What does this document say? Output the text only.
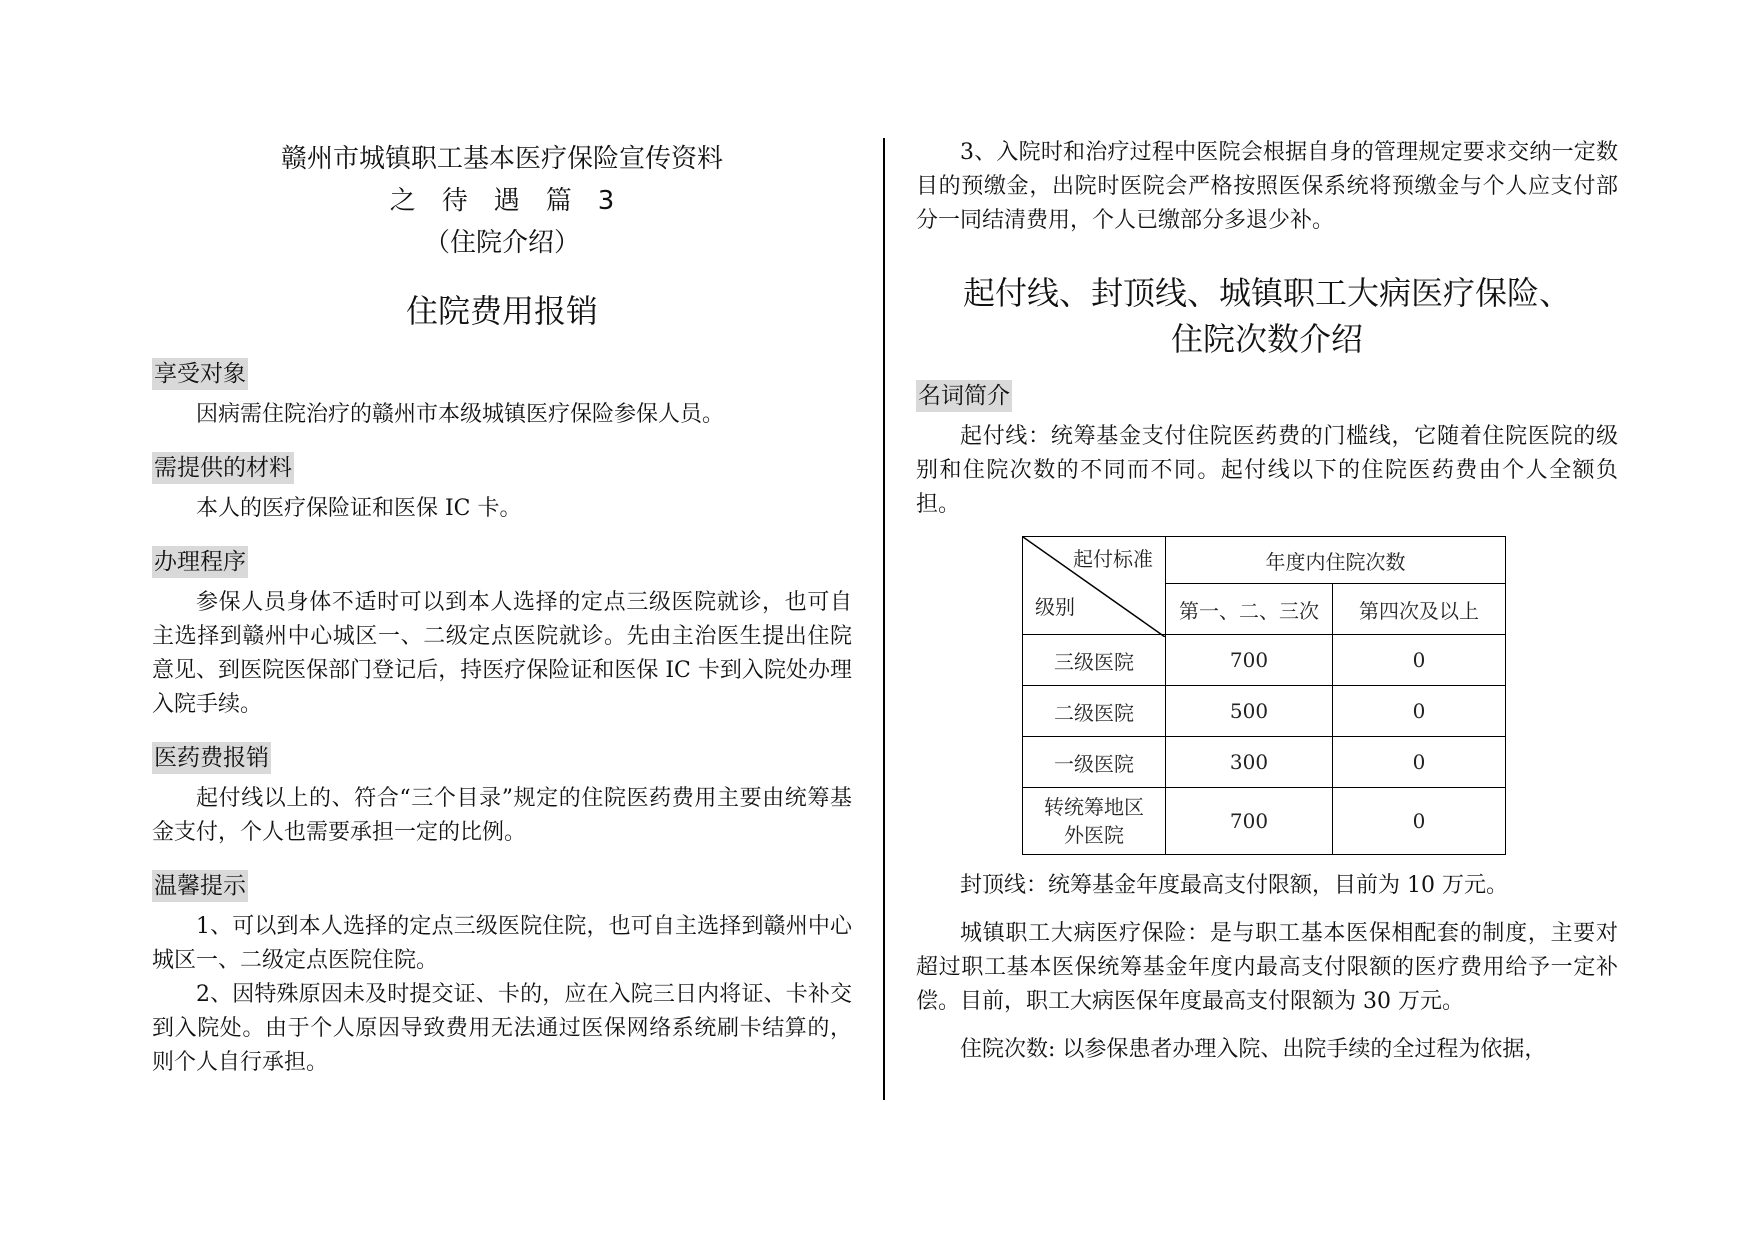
赣州市城镇职工基本医疗保险宣传资料
之待遇篇3
（住院介绍）
住院费用报销
享受对象

因病需住院治疗的赣州市本级城镇医疗保险参保人员。

需提供的材料

本人的医疗保险证和医保 IC 卡。

办理程序

参保人员身体不适时可以到本人选择的定点三级医院就诊，也可自主选择到赣州中心城区一、二级定点医院就诊。先由主治医生提出住院意见、到医院医保部门登记后，持医疗保险证和医保 IC 卡到入院处办理入院手续。

医药费报销

起付线以上的、符合“三个目录”规定的住院医药费用主要由统筹基金支付，个人也需要承担一定的比例。

温馨提示

1、可以到本人选择的定点三级医院住院，也可自主选择到赣州中心城区一、二级定点医院住院。

2、因特殊原因未及时提交证、卡的，应在入院三日内将证、卡补交到入院处。由于个人原因导致费用无法通过医保网络系统刷卡结算的，则个人自行承担。

3、入院时和治疗过程中医院会根据自身的管理规定要求交纳一定数目的预缴金，出院时医院会严格按照医保系统将预缴金与个人应支付部分一同结清费用，个人已缴部分多退少补。

起付线、封顶线、城镇职工大病医疗保险、
住院次数介绍
名词简介

起付线：统筹基金支付住院医药费的门槛线，它随着住院医院的级别和住院次数的不同而不同。起付线以下的住院医药费由个人全额负担。

起付标准
级别	年度内住院次数	
	第一、二、三次	第四次及以上
三级医院	700	0
二级医院	500	0
一级医院	300	0
转统筹地区
外医院	700	0

封顶线：统筹基金年度最高支付限额，目前为 10 万元。

城镇职工大病医疗保险：是与职工基本医保相配套的制度，主要对超过职工基本医保统筹基金年度内最高支付限额的医疗费用给予一定补偿。目前，职工大病医保年度最高支付限额为 30 万元。

住院次数: 以参保患者办理入院、出院手续的全过程为依据，
